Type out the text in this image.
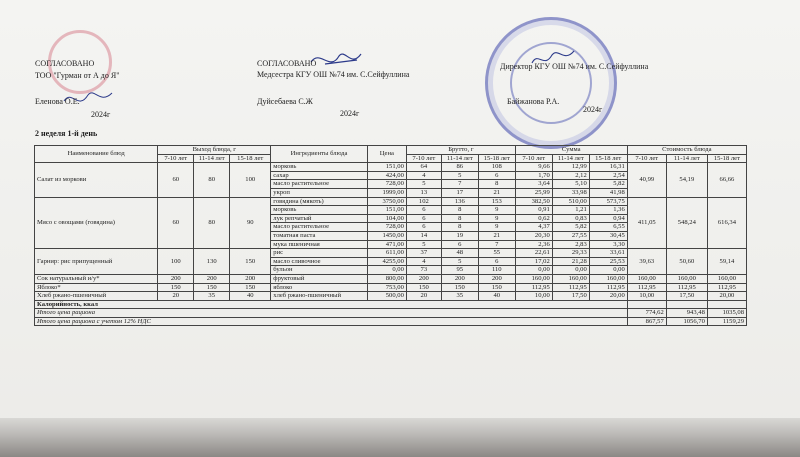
СОГЛАСОВАНО
ТОО "Гурман от А до Я"
Еленова О.Е.
2024г
2 неделя 1-й день
СОГЛАСОВАНО
Медсестра КГУ ОШ №74 им. С.Сейфуллина
Дуйсебаева С.Ж
2024г
Директор КГУ ОШ №74 им. С.Сейфуллина
Байжанова Р.А.
2024г
Наименование блюд	Выход блюда, г			Ингредиенты блюда	Цена	Брутто, г			Сумма			Стоимость блюда		
	7-10 лет	11-14 лет	15-18 лет			7-10 лет	11-14 лет	15-18 лет	7-10 лет	11-14 лет	15-18 лет	7-10 лет	11-14 лет	15-18 лет
Салат из моркови	60	80	100	морковь	151,00	64	86	108	9,66	12,99	16,31	40,99	54,19	66,66
				сахар	424,00	4	5	6	1,70	2,12	2,54			
				масло растительное	728,00	5	7	8	3,64	5,10	5,82			
				укроп	1999,00	13	17	21	25,99	33,98	41,98			
Мясо с овощами (говядина)	60	80	90	говядина (мякоть)	3750,00	102	136	153	382,50	510,00	573,75	411,05	548,24	616,34
				морковь	151,00	6	8	9	0,91	1,21	1,36			
				лук репчатый	104,00	6	8	9	0,62	0,83	0,94			
				масло растительное	728,00	6	8	9	4,37	5,82	6,55			
				томатная паста	1450,00	14	19	21	20,30	27,55	30,45			
				мука пшеничная	471,00	5	6	7	2,36	2,83	3,30			
Гарнир: рис припущенный	100	130	150	рис	611,00	37	48	55	22,61	29,33	33,61	39,63	50,60	59,14
				масло сливочное	4255,00	4	5	6	17,02	21,28	25,53			
				бульон	0,00	73	95	110	0,00	0,00	0,00			
Сок натуральный и/у*	200	200	200	фруктовый	800,00	200	200	200	160,00	160,00	160,00	160,00	160,00	160,00
Яблоко*	150	150	150	яблоко	753,00	150	150	150	112,95	112,95	112,95	112,95	112,95	112,95
Хлеб ржано-пшеничный	20	35	40	хлеб ржано-пшеничный	500,00	20	35	40	10,00	17,50	20,00	10,00	17,50	20,00
Калорийность, ккал														
Итого цена рациона												774,62	943,48	1035,08
Итого цена рациона с учетом 12% НДС												867,57	1056,70	1159,29
